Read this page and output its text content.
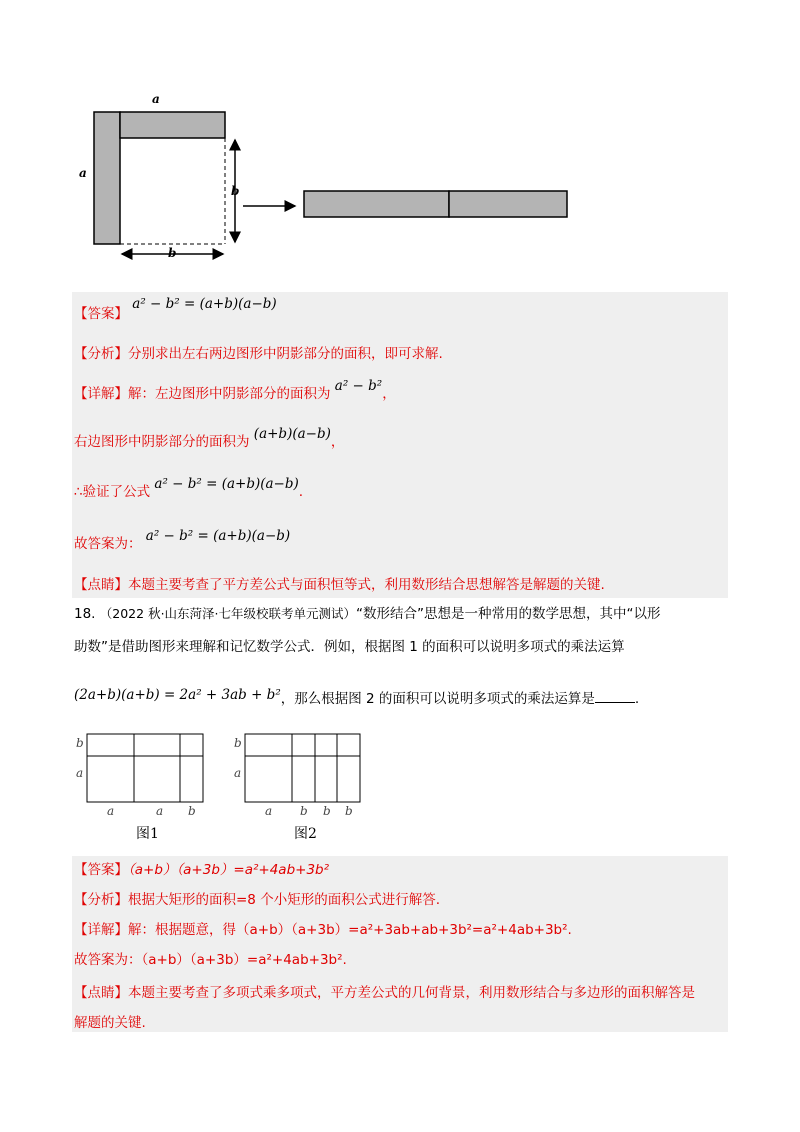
a
a
b
b
【答案】 a² − b² = (a+b)(a−b)
【分析】分别求出左右两边图形中阴影部分的面积，即可求解.
【详解】解：左边图形中阴影部分的面积为 a² − b²，
右边图形中阴影部分的面积为 (a+b)(a−b)，
∴验证了公式 a² − b² = (a+b)(a−b).
故答案为： a² − b² = (a+b)(a−b)
【点睛】本题主要考查了平方差公式与面积恒等式，利用数形结合思想解答是解题的关键.
18. （2022 秋·山东菏泽·七年级校联考单元测试）“数形结合”思想是一种常用的数学思想，其中“以形
助数”是借助图形来理解和记忆数学公式．例如，根据图 1 的面积可以说明多项式的乘法运算
(2a+b)(a+b) = 2a² + 3ab + b²，那么根据图 2 的面积可以说明多项式的乘法运算是	.
b
a
a	a b
图1
b
a
a b b b
图2
【答案】（a+b）（a+3b）=a²+4ab+3b²
【分析】根据大矩形的面积=8 个小矩形的面积公式进行解答.
【详解】解：根据题意，得（a+b）（a+3b）=a²+3ab+ab+3b²=a²+4ab+3b².
故答案为：（a+b）（a+3b）=a²+4ab+3b².
【点睛】本题主要考查了多项式乘多项式，平方差公式的几何背景，利用数形结合与多边形的面积解答是
解题的关键.
